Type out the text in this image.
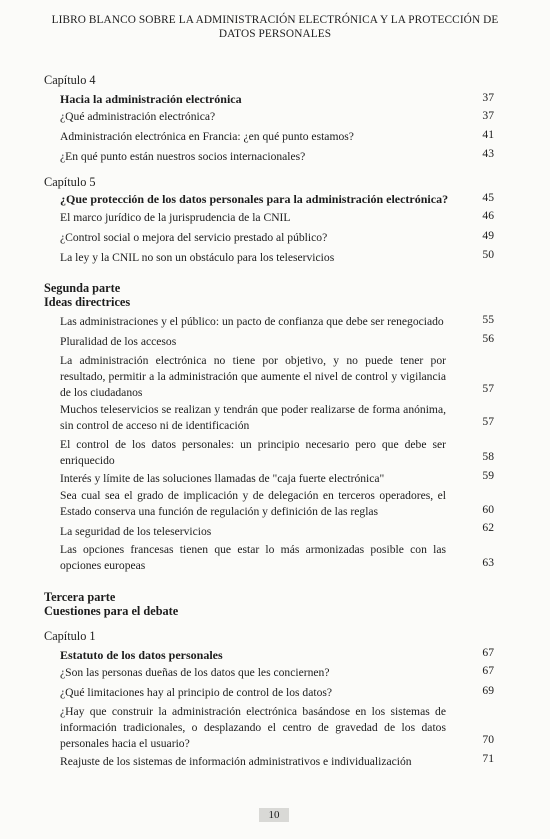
LIBRO BLANCO SOBRE LA ADMINISTRACIÓN ELECTRÓNICA Y LA PROTECCIÓN DE
DATOS PERSONALES
Capítulo 4
Hacia la administración electrónica	37
¿Qué administración electrónica?	37
Administración electrónica en Francia: ¿en qué punto estamos?	41
¿En qué punto están nuestros socios internacionales?	43
Capítulo 5
¿Que protección de los datos personales para la administración electrónica?	45
El marco jurídico de la jurisprudencia de la CNIL	46
¿Control social o mejora del servicio prestado al público?	49
La ley y la CNIL no son un obstáculo para los teleservicios	50
Segunda parte
Ideas directrices
Las administraciones y el público: un pacto de confianza que debe ser renegociado	55
Pluralidad de los accesos	56
La administración electrónica no tiene por objetivo, y no puede tener por resultado, permitir a la administración que aumente el nivel de control y vigilancia de los ciudadanos	57
Muchos teleservicios se realizan y tendrán que poder realizarse de forma anónima, sin control de acceso ni de identificación	57
El control de los datos personales: un principio necesario pero que debe ser enriquecido	58
Interés y límite de las soluciones llamadas de "caja fuerte electrónica"	59
Sea cual sea el grado de implicación y de delegación en terceros operadores, el Estado conserva una función de regulación y definición de las reglas	60
La seguridad de los teleservicios	62
Las opciones francesas tienen que estar lo más armonizadas posible con las opciones europeas	63
Tercera parte
Cuestiones para el debate
Capítulo 1
Estatuto de los datos personales	67
¿Son las personas dueñas de los datos que les conciernen?	67
¿Qué limitaciones hay al principio de control de los datos?	69
¿Hay que construir la administración electrónica basándose en los sistemas de información tradicionales, o desplazando el centro de gravedad de los datos personales hacia el usuario?	70
Reajuste de los sistemas de información administrativos e individualización	71
10
